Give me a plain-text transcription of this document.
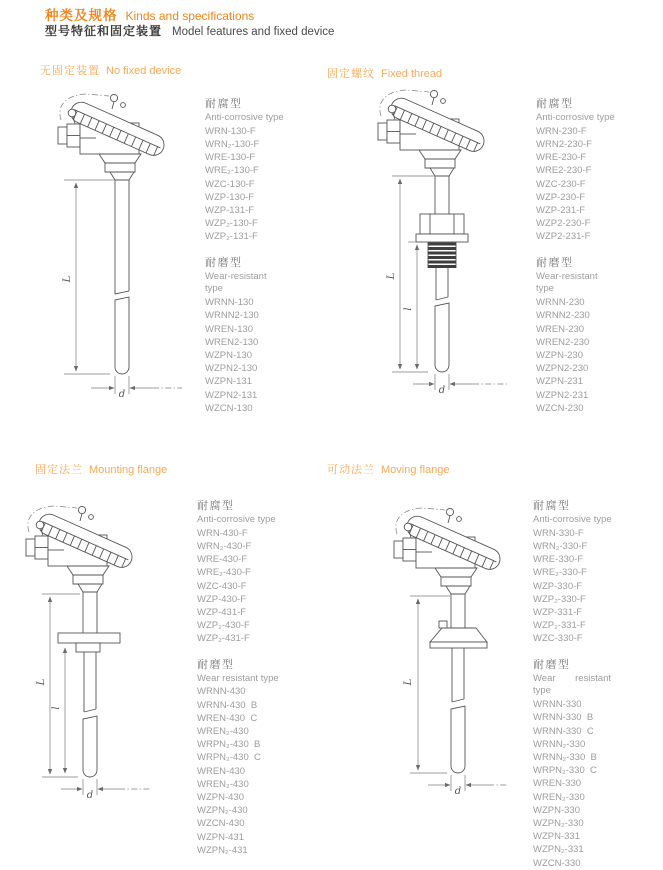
种类及规格 Kinds and specifications
型号特征和固定装置 Model features and fixed device
无固定装置 No fixed device
L
d
耐腐型
Anti-corrosive type
WRN-130-F
WRN₂-130-F
WRE-130-F
WRE₂-130-F
WZC-130-F
WZP-130-F
WZP-131-F
WZP₂-130-F
WZP₂-131-F
耐磨型
Wear-resistant type
WRNN-130
WRNN2-130
WREN-130
WREN2-130
WZPN-130
WZPN2-130
WZPN-131
WZPN2-131
WZCN-130
固定螺纹 Fixed thread
L
l
d
耐腐型
Anti-corrosive type
WRN-230-F
WRN2-230-F
WRE-230-F
WRE2-230-F
WZC-230-F
WZP-230-F
WZP-231-F
WZP2-230-F
WZP2-231-F
耐磨型
Wear-resistant type
WRNN-230
WRNN2-230
WREN-230
WREN2-230
WZPN-230
WZPN2-230
WZPN-231
WZPN2-231
WZCN-230
固定法兰 Mounting flange
L
l
d
耐腐型
Anti-corrosive type
WRN-430-F
WRN₂-430-F
WRE-430-F
WRE₂-430-F
WZC-430-F
WZP-430-F
WZP-431-F
WZP₂-430-F
WZP₂-431-F
耐磨型
Wear resistant type
WRNN-430
WRNN-430  B
WREN-430  C
WREN₂-430
WRPN₂-430  B
WRPN₂-430  C
WREN-430
WREN₂-430
WZPN-430
WZPN₂-430
WZCN-430
WZPN-431
WZPN₂-431
可动法兰 Moving flange
L
d
耐腐型
Anti-corrosive type
WRN-330-F
WRN₂-330-F
WRE-330-F
WRE₂-330-F
WZP-330-F
WZP₂-330-F
WZP-331-F
WZP₂-331-F
WZC-330-F
耐磨型
Wear resistant type
WRNN-330
WRNN-330  B
WRNN-330  C
WRNN₂-330
WRNN₂-330  B
WRPN₂-330  C
WREN-330
WREN₂-330
WZPN-330
WZPN₂-330
WZPN-331
WZPN₂-331
WZCN-330
